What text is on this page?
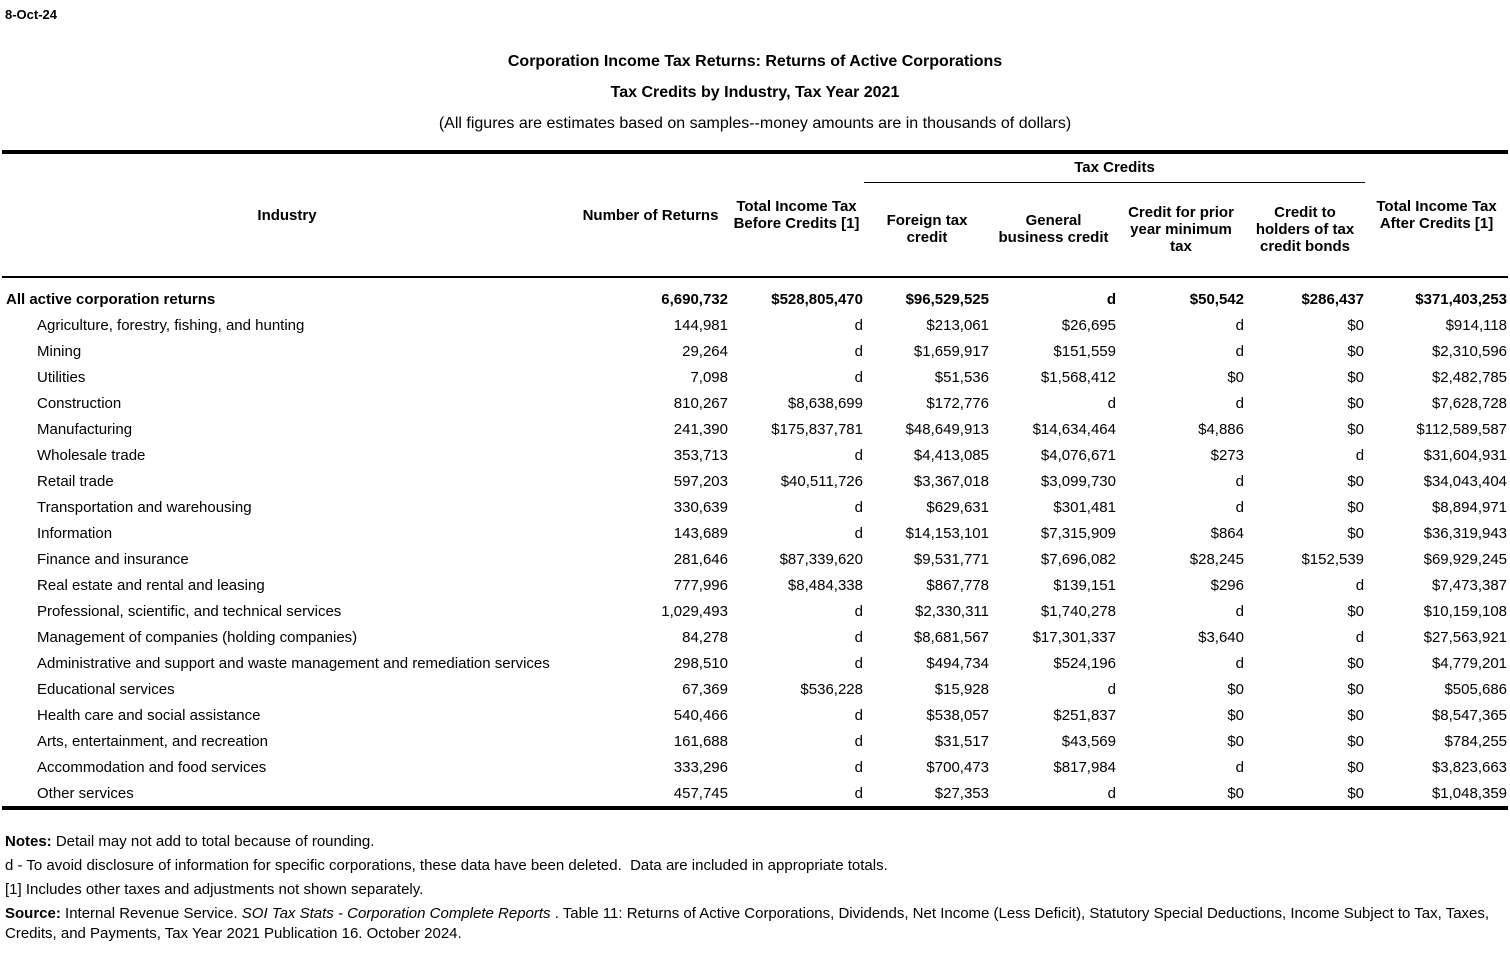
8-Oct-24
Corporation Income Tax Returns: Returns of Active Corporations
Tax Credits by Industry, Tax Year 2021
(All figures are estimates based on samples--money amounts are in thousands of dollars)
Industry	Number of Returns	Total Income Tax Before Credits [1]	Tax Credits				Total Income Tax After Credits [1]
			Foreign tax credit	General business credit	Credit for prior year minimum tax	Credit to holders of tax credit bonds	
All active corporation returns	6,690,732	$528,805,470	$96,529,525	d	$50,542	$286,437	$371,403,253
Agriculture, forestry, fishing, and hunting	144,981	d	$213,061	$26,695	d	$0	$914,118
Mining	29,264	d	$1,659,917	$151,559	d	$0	$2,310,596
Utilities	7,098	d	$51,536	$1,568,412	$0	$0	$2,482,785
Construction	810,267	$8,638,699	$172,776	d	d	$0	$7,628,728
Manufacturing	241,390	$175,837,781	$48,649,913	$14,634,464	$4,886	$0	$112,589,587
Wholesale trade	353,713	d	$4,413,085	$4,076,671	$273	d	$31,604,931
Retail trade	597,203	$40,511,726	$3,367,018	$3,099,730	d	$0	$34,043,404
Transportation and warehousing	330,639	d	$629,631	$301,481	d	$0	$8,894,971
Information	143,689	d	$14,153,101	$7,315,909	$864	$0	$36,319,943
Finance and insurance	281,646	$87,339,620	$9,531,771	$7,696,082	$28,245	$152,539	$69,929,245
Real estate and rental and leasing	777,996	$8,484,338	$867,778	$139,151	$296	d	$7,473,387
Professional, scientific, and technical services	1,029,493	d	$2,330,311	$1,740,278	d	$0	$10,159,108
Management of companies (holding companies)	84,278	d	$8,681,567	$17,301,337	$3,640	d	$27,563,921
Administrative and support and waste management and remediation services	298,510	d	$494,734	$524,196	d	$0	$4,779,201
Educational services	67,369	$536,228	$15,928	d	$0	$0	$505,686
Health care and social assistance	540,466	d	$538,057	$251,837	$0	$0	$8,547,365
Arts, entertainment, and recreation	161,688	d	$31,517	$43,569	$0	$0	$784,255
Accommodation and food services	333,296	d	$700,473	$817,984	d	$0	$3,823,663
Other services	457,745	d	$27,353	d	$0	$0	$1,048,359

Notes: Detail may not add to total because of rounding.

d - To avoid disclosure of information for specific corporations, these data have been deleted.  Data are included in appropriate totals.

[1] Includes other taxes and adjustments not shown separately.

Source: Internal Revenue Service. SOI Tax Stats - Corporation Complete Reports . Table 11: Returns of Active Corporations, Dividends, Net Income (Less Deficit), Statutory Special Deductions, Income Subject to Tax, Taxes, Credits, and Payments, Tax Year 2021 Publication 16. October 2024.
